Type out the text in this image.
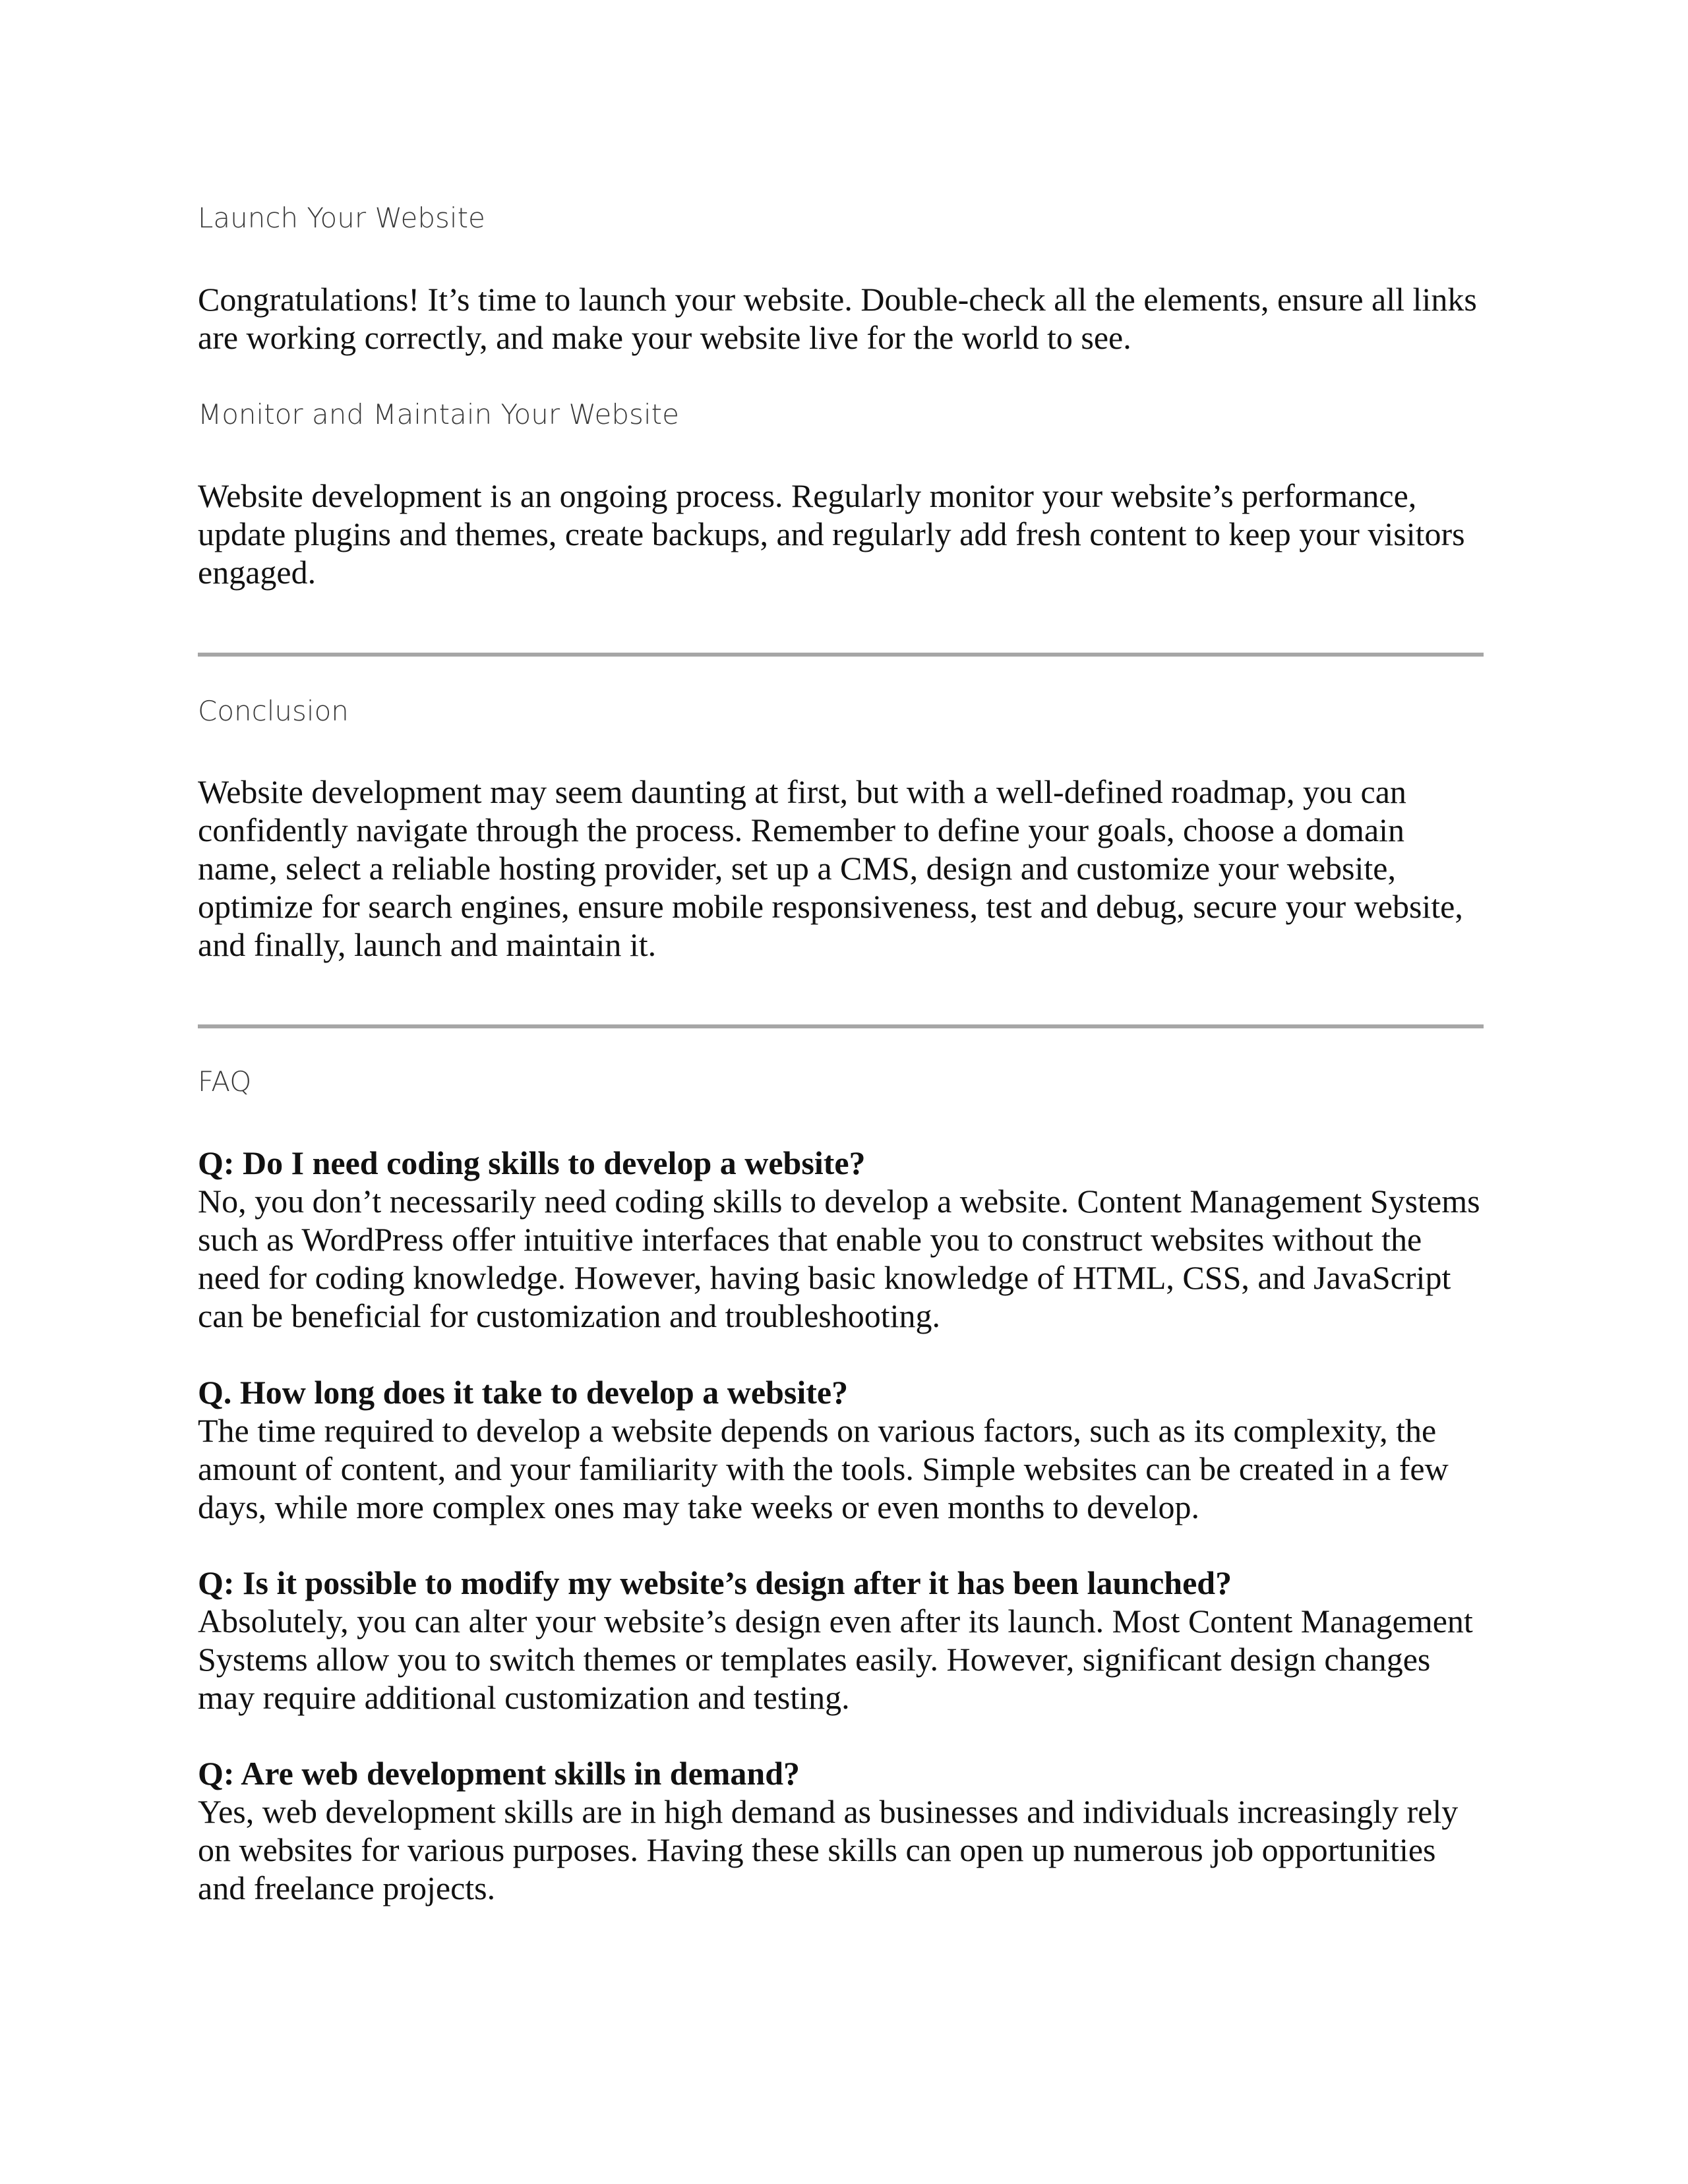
Launch Your Website

Congratulations! It’s time to launch your website. Double-check all the elements, ensure all links are working correctly, and make your website live for the world to see.

Monitor and Maintain Your Website

Website development is an ongoing process. Regularly monitor your website’s performance, update plugins and themes, create backups, and regularly add fresh content to keep your visitors engaged.

Conclusion

Website development may seem daunting at first, but with a well-defined roadmap, you can confidently navigate through the process. Remember to define your goals, choose a domain name, select a reliable hosting provider, set up a CMS, design and customize your website, optimize for search engines, ensure mobile responsiveness, test and debug, secure your website, and finally, launch and maintain it.

FAQ

Q: Do I need coding skills to develop a website?

No, you don’t necessarily need coding skills to develop a website. Content Management Systems such as WordPress offer intuitive interfaces that enable you to construct websites without the need for coding knowledge. However, having basic knowledge of HTML, CSS, and JavaScript can be beneficial for customization and troubleshooting.

Q. How long does it take to develop a website?

The time required to develop a website depends on various factors, such as its complexity, the amount of content, and your familiarity with the tools. Simple websites can be created in a few days, while more complex ones may take weeks or even months to develop.

Q: Is it possible to modify my website’s design after it has been launched?

Absolutely, you can alter your website’s design even after its launch. Most Content Management Systems allow you to switch themes or templates easily. However, significant design changes may require additional customization and testing.

Q: Are web development skills in demand?

Yes, web development skills are in high demand as businesses and individuals increasingly rely on websites for various purposes. Having these skills can open up numerous job opportunities and freelance projects.
